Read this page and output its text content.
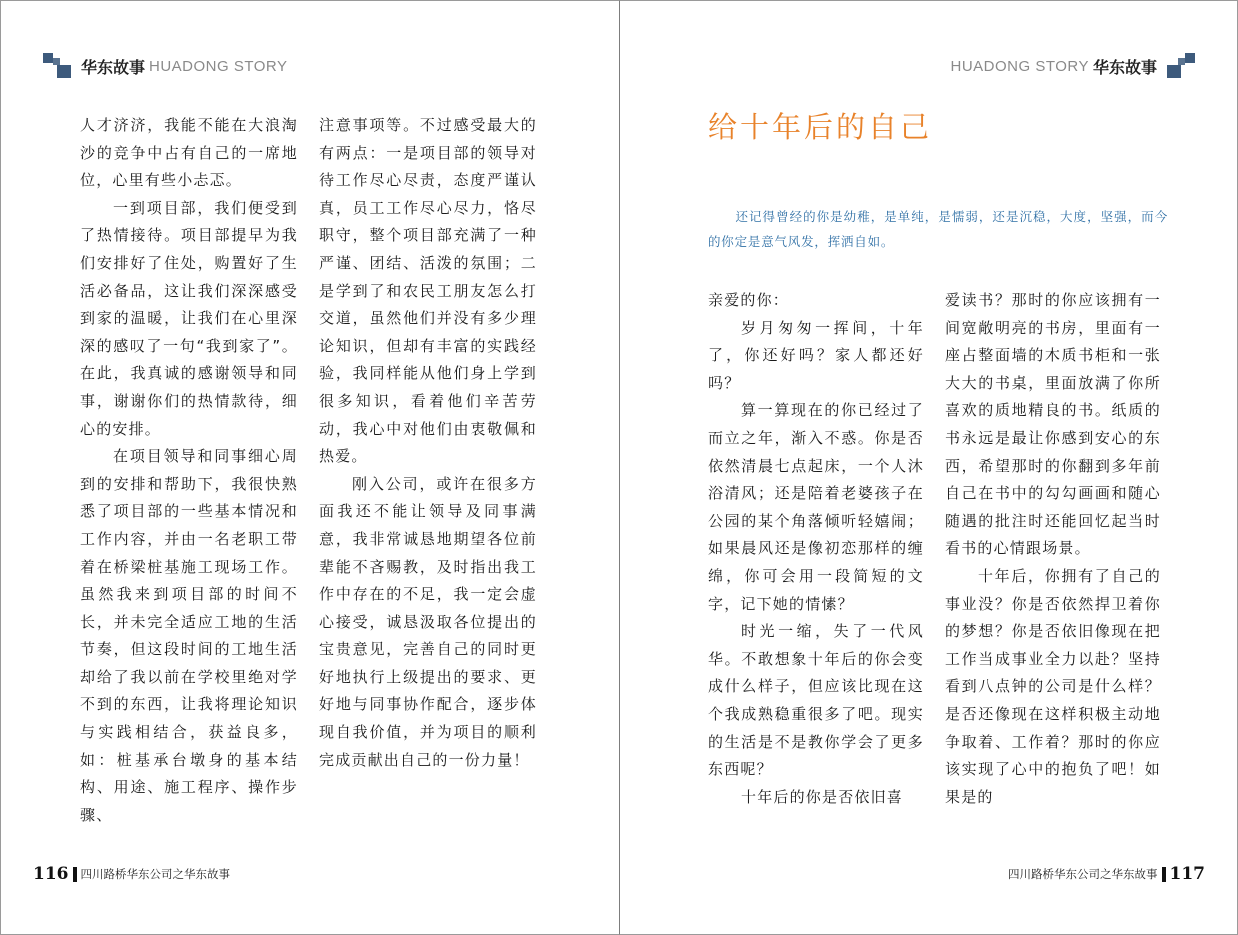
华东故事 HUADONG STORY

人才济济，我能不能在大浪淘沙的竞争中占有自己的一席地位，心里有些小忐忑。

一到项目部，我们便受到了热情接待。项目部提早为我们安排好了住处，购置好了生活必备品，这让我们深深感受到家的温暖，让我们在心里深深的感叹了一句“我到家了”。在此，我真诚的感谢领导和同事，谢谢你们的热情款待，细心的安排。

在项目领导和同事细心周到的安排和帮助下，我很快熟悉了项目部的一些基本情况和工作内容，并由一名老职工带着在桥梁桩基施工现场工作。虽然我来到项目部的时间不长，并未完全适应工地的生活节奏，但这段时间的工地生活却给了我以前在学校里绝对学不到的东西，让我将理论知识与实践相结合，获益良多，如：桩基承台墩身的基本结构、用途、施工程序、操作步骤、

注意事项等。不过感受最大的有两点：一是项目部的领导对待工作尽心尽责，态度严谨认真，员工工作尽心尽力，恪尽职守，整个项目部充满了一种严谨、团结、活泼的氛围；二是学到了和农民工朋友怎么打交道，虽然他们并没有多少理论知识，但却有丰富的实践经验，我同样能从他们身上学到很多知识，看着他们辛苦劳动，我心中对他们由衷敬佩和热爱。

刚入公司，或许在很多方面我还不能让领导及同事满意，我非常诚恳地期望各位前辈能不吝赐教，及时指出我工作中存在的不足，我一定会虚心接受，诚恳汲取各位提出的宝贵意见，完善自己的同时更好地执行上级提出的要求、更好地与同事协作配合，逐步体现自我价值，并为项目的顺利完成贡献出自己的一份力量！

116 四川路桥华东公司之华东故事
HUADONG STORY 华东故事
给十年后的自己
还记得曾经的你是幼稚，是单纯，是懦弱，还是沉稳，大度，坚强，而今的你定是意气风发，挥洒自如。

亲爱的你：

岁月匆匆一挥间，十年了，你还好吗？家人都还好吗？

算一算现在的你已经过了而立之年，渐入不惑。你是否依然清晨七点起床，一个人沐浴清风；还是陪着老婆孩子在公园的某个角落倾听轻嬉闹；如果晨风还是像初恋那样的缠绵，你可会用一段简短的文字，记下她的情愫？

时光一缩，失了一代风华。不敢想象十年后的你会变成什么样子，但应该比现在这个我成熟稳重很多了吧。现实的生活是不是教你学会了更多东西呢？

十年后的你是否依旧喜

爱读书？那时的你应该拥有一间宽敞明亮的书房，里面有一座占整面墙的木质书柜和一张大大的书桌，里面放满了你所喜欢的质地精良的书。纸质的书永远是最让你感到安心的东西，希望那时的你翻到多年前自己在书中的勾勾画画和随心随遇的批注时还能回忆起当时看书的心情跟场景。

十年后，你拥有了自己的事业没？你是否依然捍卫着你的梦想？你是否依旧像现在把工作当成事业全力以赴？坚持看到八点钟的公司是什么样？是否还像现在这样积极主动地争取着、工作着？那时的你应该实现了心中的抱负了吧！如果是的

四川路桥华东公司之华东故事 117
